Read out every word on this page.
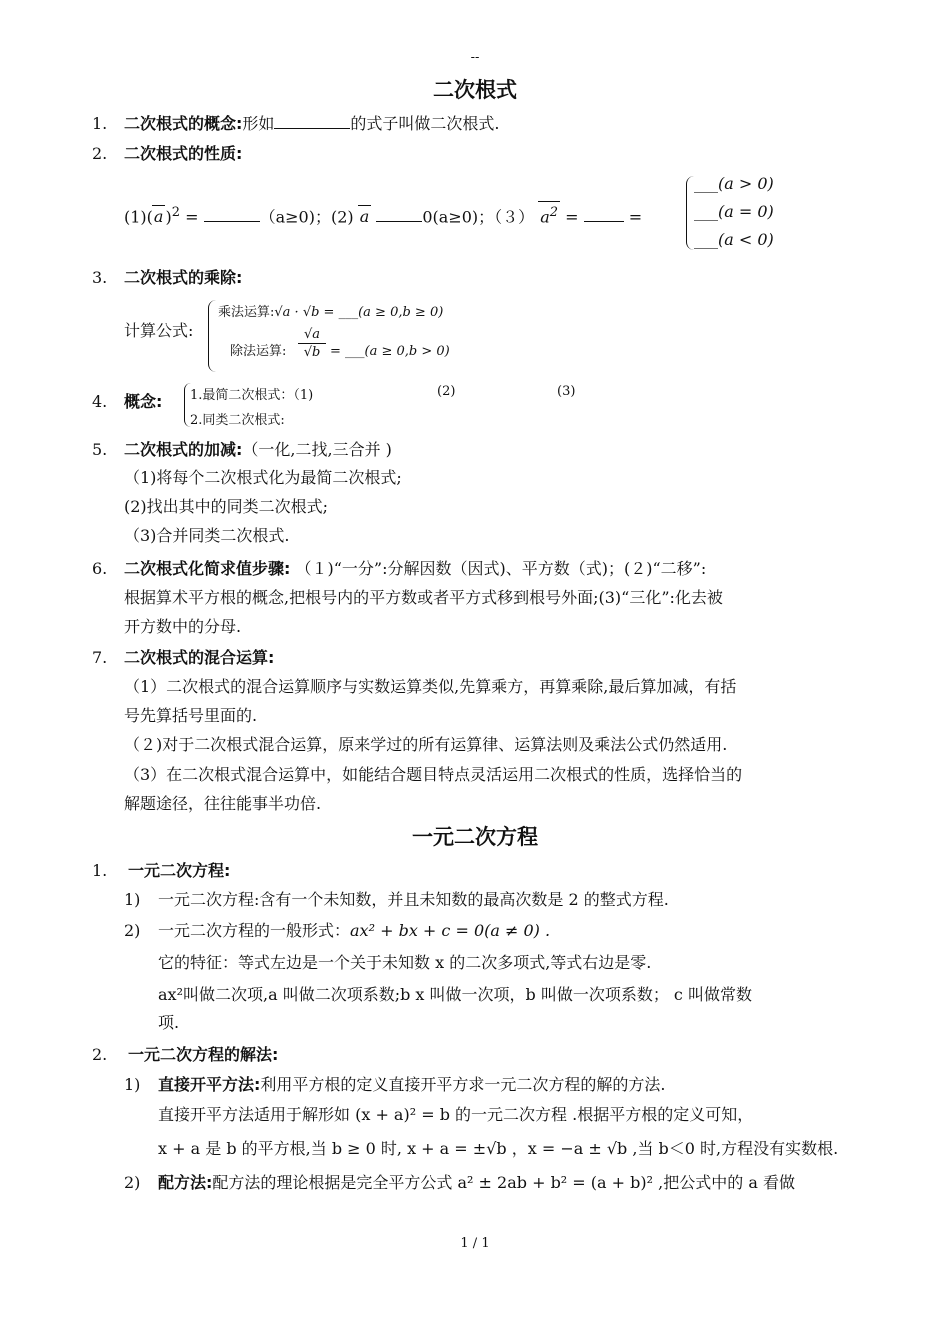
--
二次根式
1. 二次根式的概念:形如	的式子叫做二次根式.
2. 二次根式的性质:
(1)(a )$^2$ =	（a≥0)；(2) a	0(a≥0)；（３） $a^2$ =	=
___(a > 0)
___(a = 0)
___(a < 0)
3. 二次根式的乘除:
计算公式:
乘法运算:√a · √b = ___(a ≥ 0,b ≥ 0)
除法运算:
√a
√b = ___(a ≥ 0,b > 0)
4. 概念: 1.最简二次根式：（1)	(2)	(3)
2.同类二次根式:
5. 二次根式的加减:（一化,二找,三合并 )
（1)将每个二次根式化为最简二次根式;
(2)找出其中的同类二次根式;
（3)合并同类二次根式.
6. 二次根式化简求值步骤: （１)“一分”:分解因数（因式)、平方数（式)；(２)“二移”:
根据算术平方根的概念,把根号内的平方数或者平方式移到根号外面;(3)“三化”:化去被
开方数中的分母.
7. 二次根式的混合运算:
（1）二次根式的混合运算顺序与实数运算类似,先算乘方，再算乘除,最后算加减，有括
号先算括号里面的.
（２)对于二次根式混合运算，原来学过的所有运算律、运算法则及乘法公式仍然适用.
（3）在二次根式混合运算中，如能结合题目特点灵活运用二次根式的性质，选择恰当的
解题途径，往往能事半功倍.
一元二次方程
1. 一元二次方程:
1) 一元二次方程:含有一个未知数，并且未知数的最高次数是 2 的整式方程.
2) 一元二次方程的一般形式：ax² + bx + c = 0(a ≠ 0) .
它的特征：等式左边是一个关于未知数 x 的二次多项式,等式右边是零.
ax²叫做二次项,a 叫做二次项系数;b x 叫做一次项，b 叫做一次项系数； c 叫做常数
项.
2. 一元二次方程的解法:
1) 直接开平方法:利用平方根的定义直接开平方求一元二次方程的解的方法.
直接开平方法适用于解形如 (x + a)² = b 的一元二次方程 .根据平方根的定义可知，
x + a 是 b 的平方根,当 b ≥ 0 时, x + a = ±√b ，x = −a ± √b ,当 b＜0 时,方程没有实数根.
2) 配方法:配方法的理论根据是完全平方公式 a² ± 2ab + b² = (a + b)² ,把公式中的 a 看做
1 / 1
